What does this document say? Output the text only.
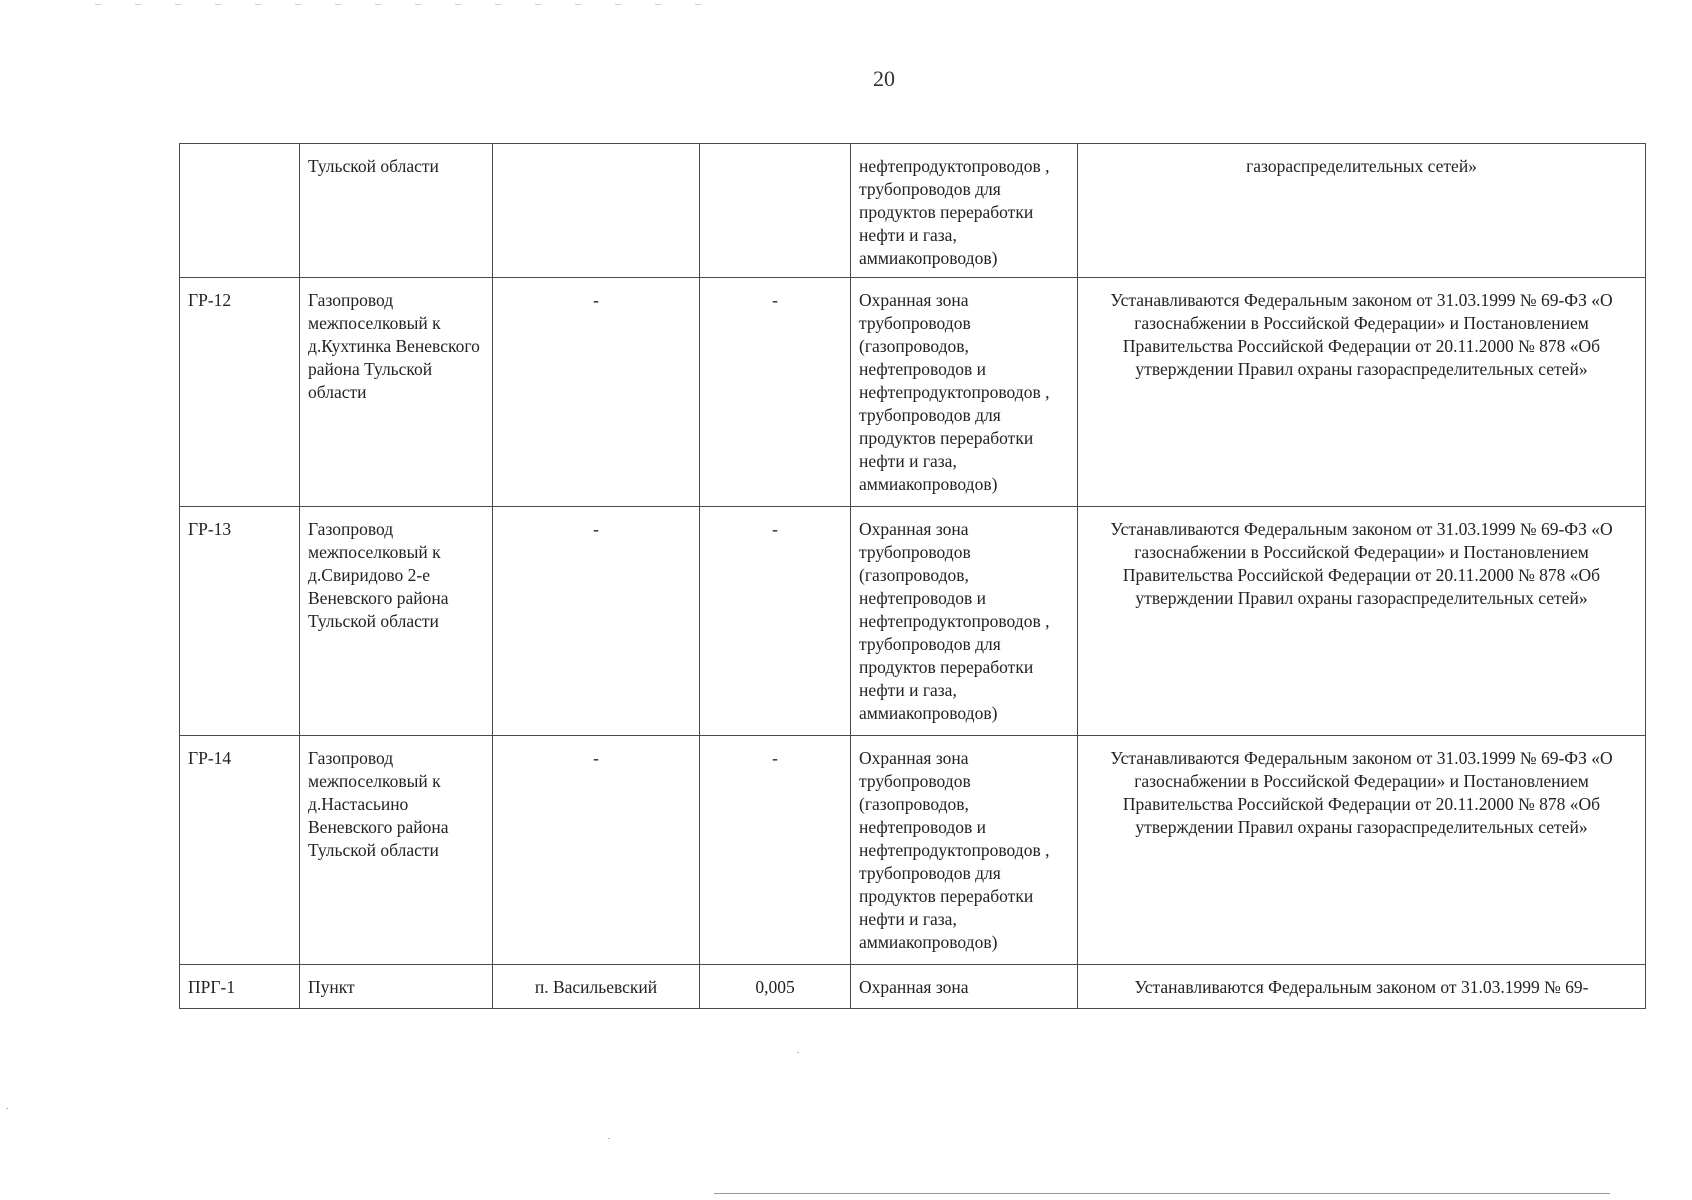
20
	Тульской области			нефтепродуктопроводов , трубопроводов для продуктов переработки нефти и газа, аммиакопроводов)	газораспределительных сетей»
ГР-12	Газопровод межпоселковый к д.Кухтинка Веневского района Тульской области	-	-	Охранная зона трубопроводов (газопроводов, нефтепроводов и нефтепродуктопроводов , трубопроводов для продуктов переработки нефти и газа, аммиакопроводов)	Устанавливаются Федеральным законом от 31.03.1999 № 69-ФЗ «О газоснабжении в Российской Федерации» и Постановлением Правительства Российской Федерации от 20.11.2000 № 878 «Об утверждении Правил охраны газораспределительных сетей»
ГР-13	Газопровод межпоселковый к д.Свиридово 2-е Веневского района Тульской области	-	-	Охранная зона трубопроводов (газопроводов, нефтепроводов и нефтепродуктопроводов , трубопроводов для продуктов переработки нефти и газа, аммиакопроводов)	Устанавливаются Федеральным законом от 31.03.1999 № 69-ФЗ «О газоснабжении в Российской Федерации» и Постановлением Правительства Российской Федерации от 20.11.2000 № 878 «Об утверждении Правил охраны газораспределительных сетей»
ГР-14	Газопровод межпоселковый к д.Настасьино Веневского района Тульской области	-	-	Охранная зона трубопроводов (газопроводов, нефтепроводов и нефтепродуктопроводов , трубопроводов для продуктов переработки нефти и газа, аммиакопроводов)	Устанавливаются Федеральным законом от 31.03.1999 № 69-ФЗ «О газоснабжении в Российской Федерации» и Постановлением Правительства Российской Федерации от 20.11.2000 № 878 «Об утверждении Правил охраны газораспределительных сетей»
ПРГ-1	Пункт	п. Васильевский	0,005	Охранная зона	Устанавливаются Федеральным законом от 31.03.1999 № 69-
